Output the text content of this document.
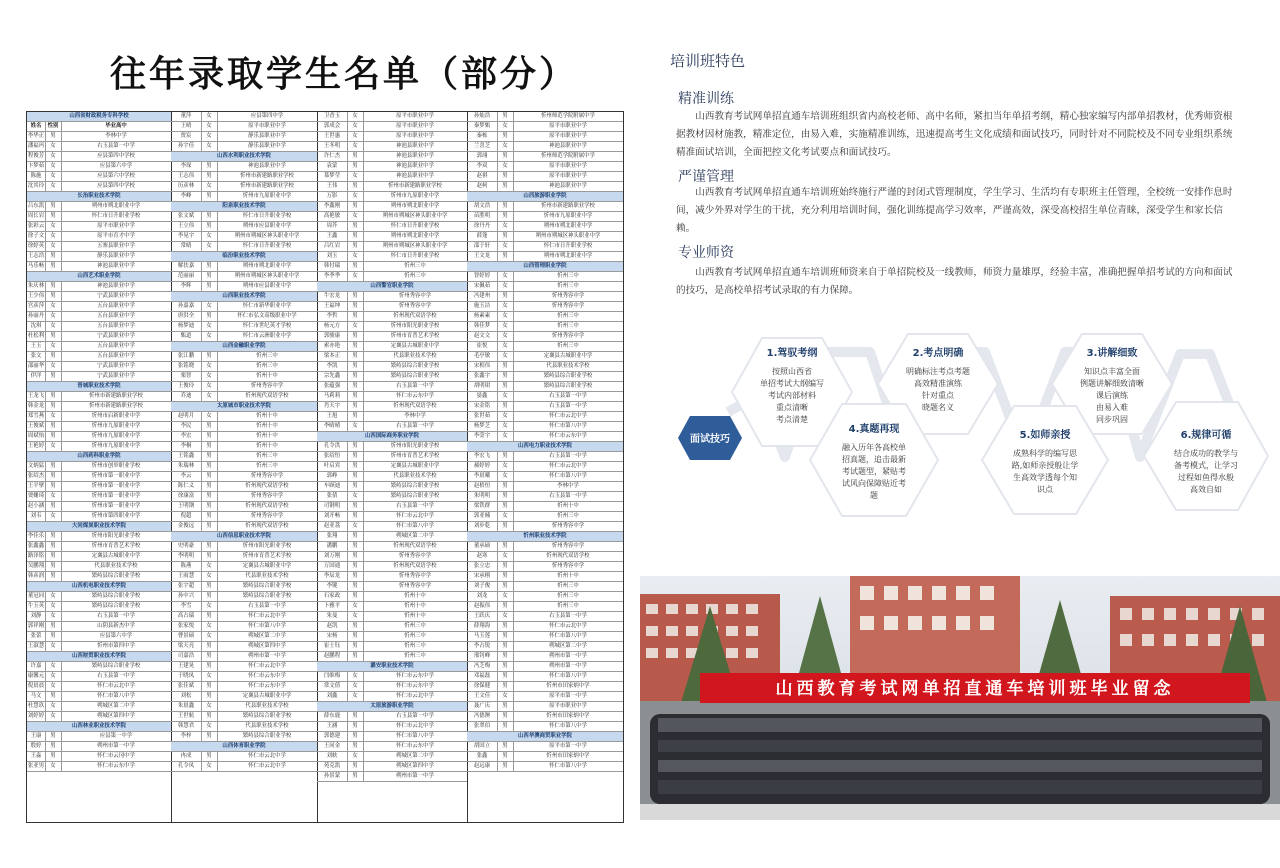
往年录取学生名单（部分）
山西省财政税务专科学校
姓名	性别	毕业高中
李华正	男	李林中学
潘福玛	女	右玉县第一中学
程俊芳	女	应县第四中学校
卞梦茹	女	应县第六中学
陈施	女	应县第六中学校
沈其玲	女	应县第四中学校
长治职业技术学院
吕东凯	男	朔州市朔北职业中学
周长岩	男	怀仁市日升职业学校
张彩云	女	原平市职业中学
徐子文	女	原平市育才中学
徐婷英	女	五寨县职业中学
王志浩	男	静乐县职业中学
马乐畅	男	神池县职业中学
山西艺术职业学院
朱庆林	男	神池县职业中学
王少伟	男	宁武县职业中学
宫彦萍	女	五台县职业中学
孙丽丹	女	五台县职业中学
沈琪	女	五台县职业中学
杜松利	男	宁武县职业中学
王玉	女	五台县职业中学
张文	男	五台县职业中学
邵丽华	女	宁武县职业中学
伊洋	男	宁武县职业中学
晋城职业技术学院
王龙飞	男	忻州市新建路职业学校
韩金龙	男	忻州市新建路职业学校
郑雪燕	女	忻州市启新职业中学
王俊斌	男	忻州市九原职业中学
周斌怡	男	忻州市九原职业中学
王艳婷	女	忻州市九原职业中学
山西药科职业学院
文炳猛	男	忻州市创举职业学校
张绍杰	男	忻州市第一职业中学
王平擘	男	忻州市第一职业中学
贾姗琦	女	忻州市第一职业中学
赵小涵	男	忻州市第一职业中学
刘韦	女	忻州市第四职业中学
大同煤炭职业技术学院
李佳乐	男	忻州市阳光职业学校
张鑫鑫	男	忻州市育普艺术学校
路泽铭	男	定襄县古城职业中学
吴鹏翔	男	代县职业技术学校
韩彦润	男	繁峙县综合职业学校
山西机电职业技术学院
董冠同	女	繁峙县综合职业学校
牛玉英	女	繁峙县综合职业学校
刘静	女	右玉县第一中学
郭祥刚	男	山阴县新杰中学
张蕾	男	应县第六中学
王淑慧	女	忻州市第四中学
山西财贸职业技术学院
许嘉	女	繁峙县综合职业学校
康馨元	女	右玉县第一中学
倪晨晨	女	怀仁市云北中学
马文	男	怀仁市第八中学
杜慧玖	女	朔城区第二中学
刘婷婷	女	朔城区第四中学
山西林业职业技术学院
王康	男	应县第一中学
殷婷	男	朔州市第一中学
王淼	男	怀仁市云冈中学
张亚男	女	怀仁市云东中学
董萍	女	应县第四中学
王晴	女	原平市职业中学
贾宸	女	静乐县职业中学
孙宇佳	女	静乐县职业中学
山西水利职业技术学院
李琛	男	神池县职业中学
王志伟	男	忻州市新建路职业学校
历彦林	女	忻州市新建路职业学校
李峰	男	忻州市九原职业中学
阳泉职业技术学院
张文斌	男	怀仁市日升职业学校
王立伟	男	朔州市应县职业中学
李晃宇	女	朔州市朔城区神头职业中学
常晴	女	怀仁市日升职业学校
临汾职业技术学院
解扶嘉	男	朔州市朔北职业中学
范丽丽	男	朔州市朔城区神头职业中学
李辉	男	朔州市应县职业中学
山西职业技术学院
孙嘉嘉	女	怀仁市新华职业中学
唐洪全	男	怀仁市弘文高级职业中学
杨梦迪	女	怀仁市世纪英才学校
甄道	女	怀仁市云洲职业中学
山西金融职业学院
张江鹏	男	忻州三中
张铭晓	女	忻州三中
栗智	女	忻州十中
王俊玲	女	忻州秀容中学
乔迪	女	忻州现代双语学校
太原城市职业技术学院
赵明月	女	忻州十中
李民	男	忻州十中
李宏	男	忻州十中
李桐	男	忻州十中
王铭鑫	男	忻州三中
朱瑞林	男	忻州三中
李云	男	忻州秀容中学
陈仁义	男	忻州现代双语学校
徐康富	男	忻州秀容中学
王明钢	男	忻州现代双语学校
倪超	男	忻州秀容中学
金俊远	男	忻州现代双语学校
山西信息职业技术学院
史明豪	男	忻州市阳光职业学校
李明明	男	忻州市育普艺术学校
陈燕	女	定襄县古城职业中学
王雨慧	女	代县职业技术学校
张宇超	男	繁峙县综合职业学校
孙中兴	男	繁峙县综合职业学校
李雪	女	右玉县第一中学
高占瑞	男	怀仁市云北中学
张家悦	女	怀仁市第八中学
曹景硕	女	朔城区第二中学
梁天亮	男	朔城区第四中学
司嘉浩	男	朔州市第一中学
王建晃	男	怀仁市云北中学
于晓凤	女	怀仁市云东中学
张佳斌	男	怀仁市云东中学
刘松	男	定襄县古城职业中学
朱晨鑫	女	代县职业技术学校
王世航	男	繁峙县综合职业学校
韩慧君	女	代县职业技术学校
李梓	男	繁峙县综合职业学校
山西体育职业学院
冉成	男	怀仁市云北中学
孔令凤	女	怀仁市云北中学
卫香玉	女	原平市职业中学
郭成会	女	原平市职业中学
王世惠	女	原平市职业中学
王冬明	女	神池县职业中学
许仁杰	男	神池县职业中学
袁蒙	男	神池县职业中学
慕梦莹	女	神池县职业中学
王伟	男	忻州市新建路职业学校
万影	女	忻州市九原职业中学
李鑫刚	男	朔州市朔北职业中学
高艳敏	女	朔州市朔城区神头职业中学
周芥	男	怀仁市日升职业学校
王鑫	男	朔州市朔北职业中学
吕红岩	男	朔州市朔城区神头职业中学
刘玉	女	怀仁市日升职业学校
韩付瑞	男	忻州三中
李季季	女	忻州三中
山西警官职业学院
牛宏龙	男	忻州秀容中学
王福坤	男	忻州秀容中学
李哲	男	忻州现代双语学校
杨元方	女	忻州市阳光职业学校
郭骏康	男	忻州市育普艺术学校
索亦艳	男	定襄县古城职业中学
梁本正	男	代县职业技术学校
李凯	男	繁峙县综合职业学校
宗先鑫	男	繁峙县综合职业学校
张蕴强	男	右玉县第一中学
马莉莉	男	怀仁市云东中学
肖天宇	男	忻州现代双语学校
王旭	男	李林中学
李晴晴	女	右玉县第一中学
山西国际商务职业学院
孔令洪	男	忻州市阳光职业学校
张绍恒	男	忻州市育普艺术学校
叶启宾	男	定襄县古城职业中学
郭峥	男	代县职业技术学校
车顾迪	男	繁峙县综合职业学校
张倩	女	繁峙县综合职业学校
司钢明	男	右玉县第一中学
刘开畅	男	怀仁市云北中学
赵亚荔	女	怀仁市第八中学
张翔	男	朔城区第二中学
潘鹏	男	忻州现代双语学校
刘万刚	男	忻州秀容中学
万国通	男	忻州现代双语学校
李辰龙	男	忻州秀容中学
李键	男	忻州秀容中学
石家政	男	忻州十中
卜雅平	女	忻州十中
朱曼	女	忻州十中
赵凯	男	忻州三中
宋杨	男	忻州三中
崔士钰	男	忻州三中
赵鹏程	男	忻州三中
潞安职业技术学院
闫维梅	女	怀仁市云东中学
常文倩	女	怀仁市云东中学
刘鑫	女	怀仁市云北中学
太原旅游职业学院
薛东鹿	男	右玉县第一中学
王涵	男	怀仁市云北中学
郭德建	男	怀仁市第八中学
王同金	男	怀仁市云东中学
刘蚨	女	朔城区第二中学
苑克凯	男	朔城区第四中学
孙景蒙	男	朔州市第一中学
孙灿浩	男	忻州师范学院附属中学
秦梦甄	女	原平市职业中学
秦栋	男	原平市职业中学
兰喜芝	女	神池县职业中学
郭翊	男	忻州师范学院附属中学
李双	女	原平市职业中学
赵祺	男	原平市职业中学
赵柯	男	神池县职业中学
山西旅游职业学院
胡文浩	男	忻州市新建路职业学校
苗胜明	男	忻州市九原职业中学
徐丹丹	女	朔州市朔北职业中学
薛蓬	男	朔州市朔城区神头职业中学
邵于轩	女	怀仁市日升职业学校
王文龙	男	朔州市朔北职业中学
山西管理职业学院
智婷婷	女	忻州三中
宋佩茹	女	忻州三中
冯建州	男	忻州秀容中学
施玉洁	女	忻州秀容中学
杨素素	女	忻州三中
韩佳梦	女	忻州三中
赵文文	女	忻州秀容中学
崔悦	女	忻州三中
毛亭敏	女	定襄县古城职业中学
宋相伟	男	代县职业技术学校
张鑫宇	男	繁峙县综合职业学校
胡明珺	男	繁峙县综合职业学校
晏鑫	女	右玉县第一中学
宋金铭	男	右玉县第一中学
张世茹	女	怀仁市云北中学
杨梦芝	女	怀仁市第八中学
李蓥宇	女	怀仁市云东中学
山西电力职业技术学院
李宏飞	男	右玉县第一中学
郝婷婷	女	怀仁市云北中学
李晨曦	女	怀仁市第八中学
赵梧恒	男	李林中学
朱明明	男	右玉县第一中学
梁铁群	男	忻州十中
郭亚楠	女	忻州三中
刘步乾	男	忻州秀容中学
忻州职业技术学院
董承硕	男	忻州秀容中学
赵寒	女	忻州现代双语学校
张立忠	男	忻州秀容中学
宋承栩	男	忻州十中
刘子俊	男	忻州三中
刘龙	女	忻州三中
赵振伟	男	忻州三中
王跃庆	女	右玉县第一中学
薛翔海	男	怀仁市云北中学
马玉莲	男	怀仁市第八中学
李占锐	男	朔城区第二中学
邢钊峰	男	朔州市第一中学
冯芝梅	男	朔州市第一中学
邓福磊	男	怀仁市第八中学
徐保健	男	忻州市田家炳中学
王文佳	女	原平市第一中学
聂广庆	男	原平市职业中学
冯德澳	男	忻州市田家炳中学
张翠伯	男	怀仁市第八中学
山西华澳商贸职业学院
胡国立	男	原平市第一中学
张鑫	男	忻州市田家炳中学
赵远康	男	怀仁市第八中学
培训班特色
精准训练
山西教育考试网单招直通车培训班组织省内高校老师、高中名师，紧扣当年单招考纲，精心独家编写内部单招教材，优秀师资根据教材因材施教，精准定位，由易入难，实施精准训练，迅速提高考生文化成绩和面试技巧，同时针对不同院校及不同专业组织系统精准面试培训，全面把控文化考试要点和面试技巧。
严谨管理
山西教育考试网单招直通车培训班始终施行严谨的封闭式管理制度，学生学习、生活均有专职班主任管理，全校统一安排作息时间，减少外界对学生的干扰，充分利用培训时间，强化训练提高学习效率，严谨高效，深受高校招生单位青睐，深受学生和家长信赖。
专业师资
山西教育考试网单招直通车培训班师资来自于单招院校及一线教师，师资力量雄厚，经验丰富，准确把握单招考试的方向和面试的技巧，是高校单招考试录取的有力保障。
面试技巧
1.驾驭考纲
按照山西省
单招考试大纲编写
考试内部材料
重点清晰
考点清楚
2.考点明确
明确标注考点考题
高效精准演练
针对重点
晓题名义
3.讲解细致
知识点丰富全面
例题讲解细致清晰
课后演练
由易入难
同步巩固
4.真题再现
融入历年各高校单
招真题，追击最新
考试题型，紧贴考
试风向保障贴近考
题
5.如师亲授
成熟科学的编写思
路,如师亲授般让学
生高效学透每个知
识点
6.规律可循
结合成功的教学与
备考模式，让学习
过程如鱼得水般
高效自如
山西教育考试网单招直通车培训班毕业留念
